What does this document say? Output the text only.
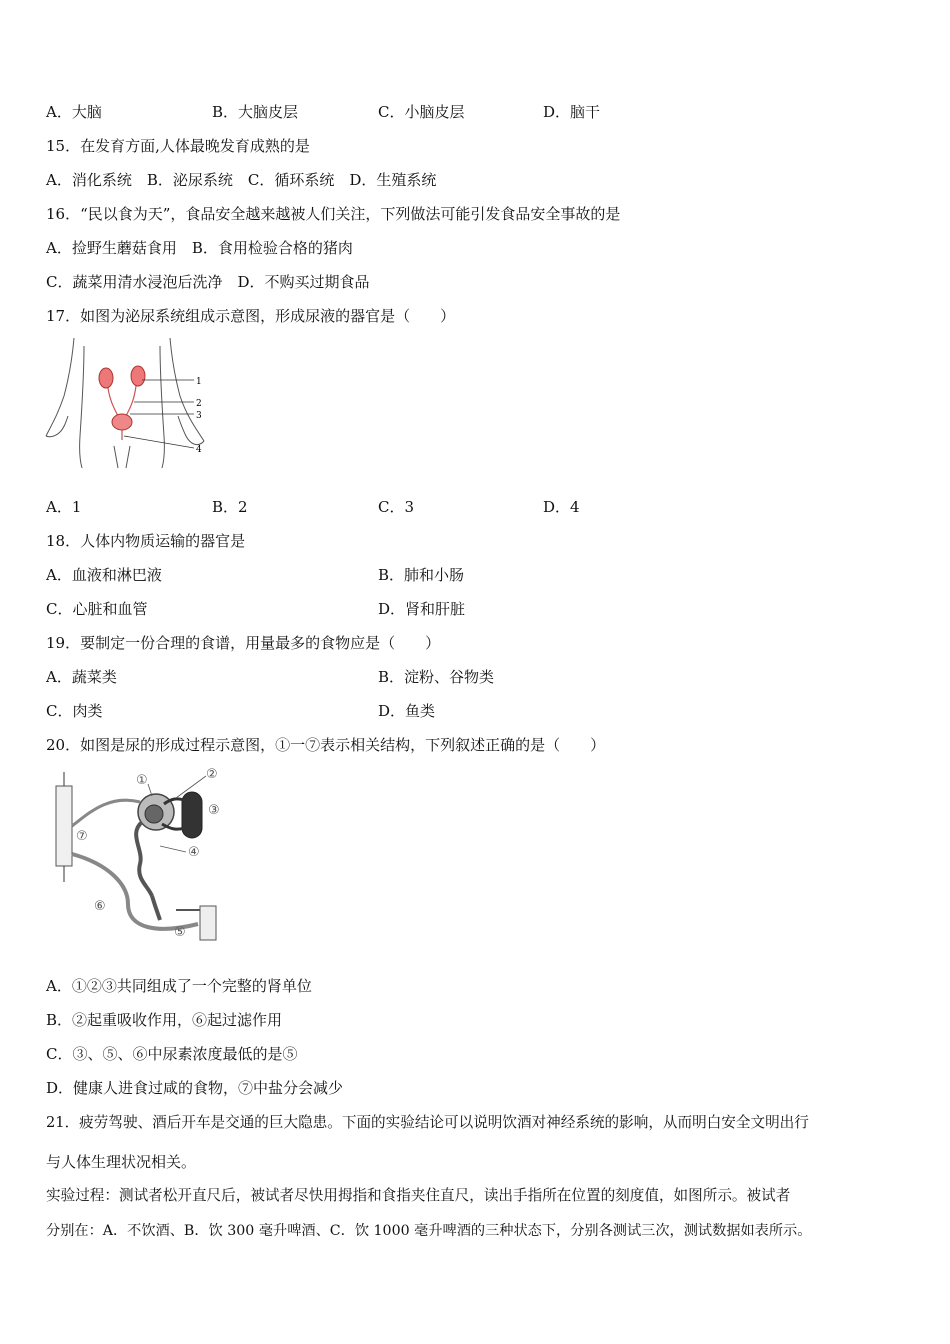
A．大脑	B．大脑皮层	C．小脑皮层	D．脑干
15．在发育方面,人体最晚发育成熟的是
A．消化系统　B．泌尿系统　C．循环系统　D．生殖系统
16．“民以食为天”，食品安全越来越被人们关注，下列做法可能引发食品安全事故的是
A．捡野生蘑菇食用　B．食用检验合格的猪肉
C．蔬菜用清水浸泡后洗净　D．不购买过期食品
17．如图为泌尿系统组成示意图，形成尿液的器官是（　　）
1
2
3
4
A．1	B．2	C．3	D．4
18．人体内物质运输的器官是
A．血液和淋巴液	B．肺和小肠
C．心脏和血管	D．肾和肝脏
19．要制定一份合理的食谱，用量最多的食物应是（　　）
A．蔬菜类	B．淀粉、谷物类
C．肉类	D．鱼类
20．如图是尿的形成过程示意图，①一⑦表示相关结构，下列叙述正确的是（　　）
①	②
③
④
⑤
⑥
⑦
A．①②③共同组成了一个完整的肾单位
B．②起重吸收作用，⑥起过滤作用
C．③、⑤、⑥中尿素浓度最低的是⑤
D．健康人进食过咸的食物，⑦中盐分会减少
21．疲劳驾驶、酒后开车是交通的巨大隐患。下面的实验结论可以说明饮酒对神经系统的影响，从而明白安全文明出行
与人体生理状况相关。
实验过程：测试者松开直尺后，被试者尽快用拇指和食指夹住直尺，读出手指所在位置的刻度值，如图所示。被试者
分别在：A．不饮酒、B．饮 300 毫升啤酒、C．饮 1000 毫升啤酒的三种状态下，分别各测试三次，测试数据如表所示。
